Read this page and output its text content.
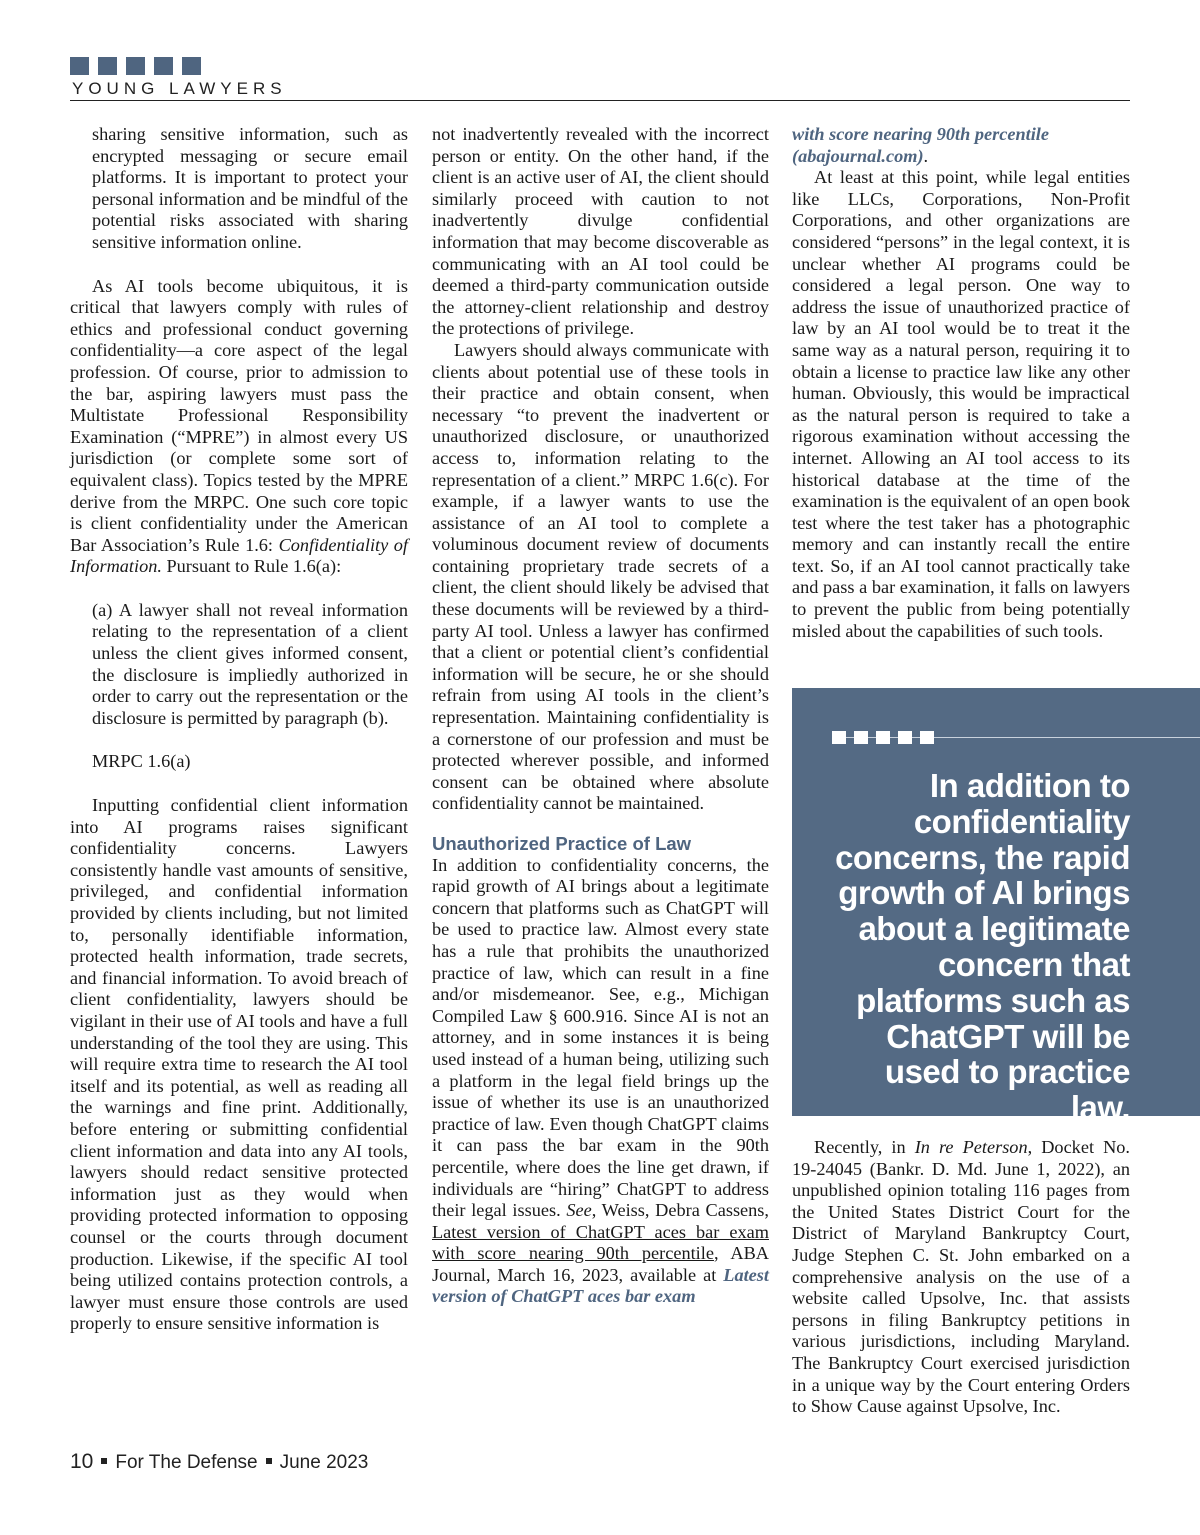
YOUNG LAWYERS

sharing sensitive information, such as encrypted messaging or secure email platforms. It is important to protect your personal information and be mindful of the potential risks associated with sharing sensitive information online.

As AI tools become ubiquitous, it is critical that lawyers comply with rules of ethics and professional conduct governing confidentiality—a core aspect of the legal profession. Of course, prior to admission to the bar, aspiring lawyers must pass the Multistate Professional Responsibility Examination (“MPRE”) in almost every US jurisdiction (or complete some sort of equivalent class). Topics tested by the MPRE derive from the MRPC. One such core topic is client confidentiality under the American Bar Association’s Rule 1.6: Confidentiality of Information. Pursuant to Rule 1.6(a):

(a) A lawyer shall not reveal information relating to the representation of a client unless the client gives informed consent, the disclosure is impliedly authorized in order to carry out the representation or the disclosure is permitted by paragraph (b).

MRPC 1.6(a)

Inputting confidential client information into AI programs raises significant confidentiality concerns. Lawyers consistently handle vast amounts of sensitive, privileged, and confidential information provided by clients including, but not limited to, personally identifiable information, protected health information, trade secrets, and financial information. To avoid breach of client confidentiality, lawyers should be vigilant in their use of AI tools and have a full understanding of the tool they are using. This will require extra time to research the AI tool itself and its potential, as well as reading all the warnings and fine print. Additionally, before entering or submitting confidential client information and data into any AI tools, lawyers should redact sensitive protected information just as they would when providing protected information to opposing counsel or the courts through document production. Likewise, if the specific AI tool being utilized contains protection controls, a lawyer must ensure those controls are used properly to ensure sensitive information is

not inadvertently revealed with the incorrect person or entity. On the other hand, if the client is an active user of AI, the client should similarly proceed with caution to not inadvertently divulge confidential information that may become discoverable as communicating with an AI tool could be deemed a third-party communication outside the attorney-client relationship and destroy the protections of privilege.

Lawyers should always communicate with clients about potential use of these tools in their practice and obtain consent, when necessary “to prevent the inadvertent or unauthorized disclosure, or unauthorized access to, information relating to the representation of a client.” MRPC 1.6(c). For example, if a lawyer wants to use the assistance of an AI tool to complete a voluminous document review of documents containing proprietary trade secrets of a client, the client should likely be advised that these documents will be reviewed by a third-party AI tool. Unless a lawyer has confirmed that a client or potential client’s confidential information will be secure, he or she should refrain from using AI tools in the client’s representation. Maintaining confidentiality is a cornerstone of our profession and must be protected wherever possible, and informed consent can be obtained where absolute confidentiality cannot be maintained.

Unauthorized Practice of Law

In addition to confidentiality concerns, the rapid growth of AI brings about a legitimate concern that platforms such as ChatGPT will be used to practice law. Almost every state has a rule that prohibits the unauthorized practice of law, which can result in a fine and/or misdemeanor. See, e.g., Michigan Compiled Law § 600.916. Since AI is not an attorney, and in some instances it is being used instead of a human being, utilizing such a platform in the legal field brings up the issue of whether its use is an unauthorized practice of law. Even though ChatGPT claims it can pass the bar exam in the 90th percentile, where does the line get drawn, if individuals are “hiring” ChatGPT to address their legal issues. See, Weiss, Debra Cassens, Latest version of ChatGPT aces bar exam with score nearing 90th percentile, ABA Journal, March 16, 2023, available at Latest version of ChatGPT aces bar exam

with score nearing 90th percentile (abajournal.com).

At least at this point, while legal entities like LLCs, Corporations, Non-Profit Corporations, and other organizations are considered “persons” in the legal context, it is unclear whether AI programs could be considered a legal person. One way to address the issue of unauthorized practice of law by an AI tool would be to treat it the same way as a natural person, requiring it to obtain a license to practice law like any other human. Obviously, this would be impractical as the natural person is required to take a rigorous examination without accessing the internet. Allowing an AI tool access to its historical database at the time of the examination is the equivalent of an open book test where the test taker has a photographic memory and can instantly recall the entire text. So, if an AI tool cannot practically take and pass a bar examination, it falls on lawyers to prevent the public from being potentially misled about the capabilities of such tools.

In addition to confidentiality concerns, the rapid growth of AI brings about a legitimate concern that platforms such as ChatGPT will be used to practice law.

Recently, in In re Peterson, Docket No. 19-24045 (Bankr. D. Md. June 1, 2022), an unpublished opinion totaling 116 pages from the United States District Court for the District of Maryland Bankruptcy Court, Judge Stephen C. St. John embarked on a comprehensive analysis on the use of a website called Upsolve, Inc. that assists persons in filing Bankruptcy petitions in various jurisdictions, including Maryland. The Bankruptcy Court exercised jurisdiction in a unique way by the Court entering Orders to Show Cause against Upsolve, Inc.

10 For The Defense June 2023
